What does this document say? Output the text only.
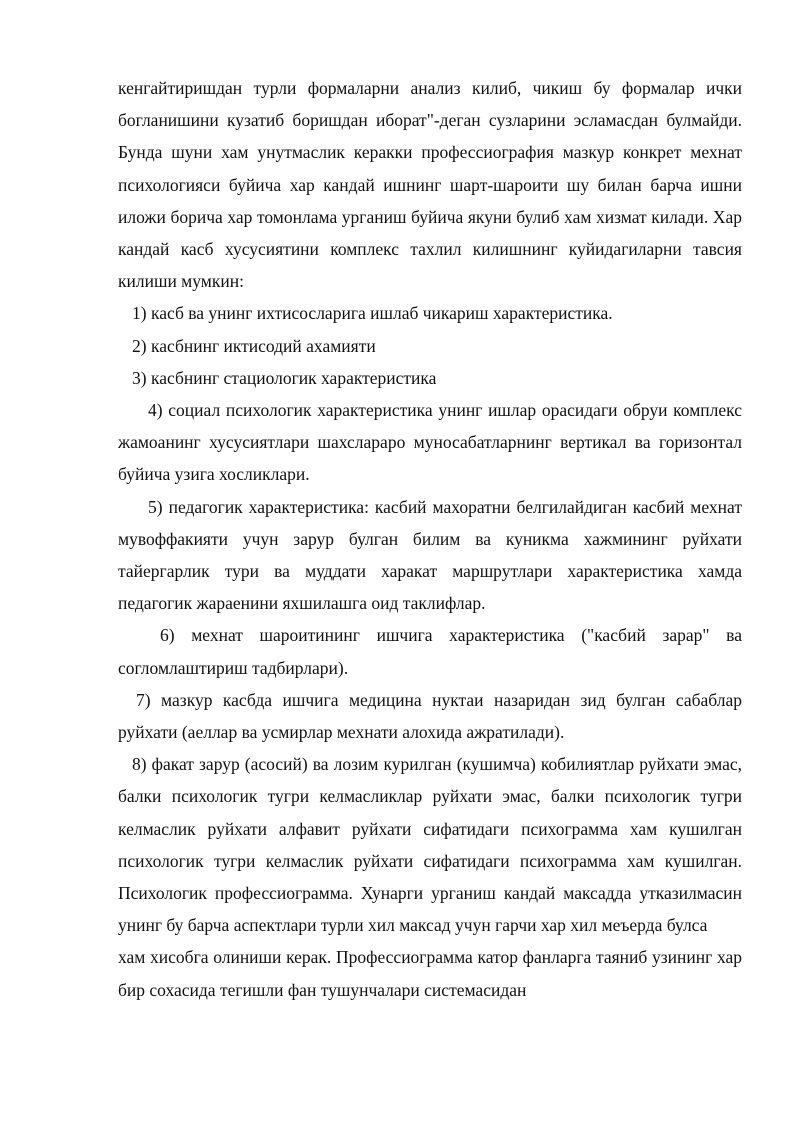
кенгайтиришдан турли формаларни анализ килиб, чикиш бу формалар ички богланишини кузатиб боришдан иборат"-деган сузларини эсламасдан булмайди. Бунда шуни хам унутмаслик керакки профессиография мазкур конкрет мехнат психологияси буйича хар кандай ишнинг шарт-шароити шу билан барча ишни иложи борича хар томонлама урганиш буйича якуни булиб хам хизмат килади. Хар кандай касб хусусиятини комплекс тахлил килишнинг куйидагиларни тавсия килиши мумкин:

1) касб ва унинг ихтисосларига ишлаб чикариш характеристика.

2) касбнинг иктисодий ахамияти

3) касбнинг стациологик характеристика

4) социал психологик характеристика унинг ишлар орасидаги обруи комплекс жамоанинг хусусиятлари шахслараро муносабатларнинг вертикал ва горизонтал буйича узига хосликлари.

5) педагогик характеристика: касбий махоратни белгилайдиган касбий мехнат мувоффакияти учун зарур булган билим ва куникма хажмининг руйхати тайергарлик тури ва муддати харакат маршрутлари характеристика хамда педагогик жараенини яхшилашга оид таклифлар.

6) мехнат шароитининг ишчига характеристика ("касбий зарар" ва согломлаштириш тадбирлари).

7) мазкур касбда ишчига медицина нуктаи назаридан зид булган сабаблар руйхати (аеллар ва усмирлар мехнати алохида ажратилади).

8) факат зарур (асосий) ва лозим курилган (кушимча) кобилиятлар руйхати эмас, балки психологик тугри келмасликлар руйхати эмас, балки психологик тугри келмаслик руйхати алфавит руйхати сифатидаги психограмма хам кушилган психологик тугри келмаслик руйхати сифатидаги психограмма хам кушилган. Психологик профессиограмма. Хунарги урганиш кандай максадда утказилмасин унинг бу барча аспектлари турли хил максад учун гарчи хар хил меъерда булса

хам хисобга олиниши керак. Профессиограмма катор фанларга таяниб узининг хар бир сохасида тегишли фан тушунчалари системасидан
